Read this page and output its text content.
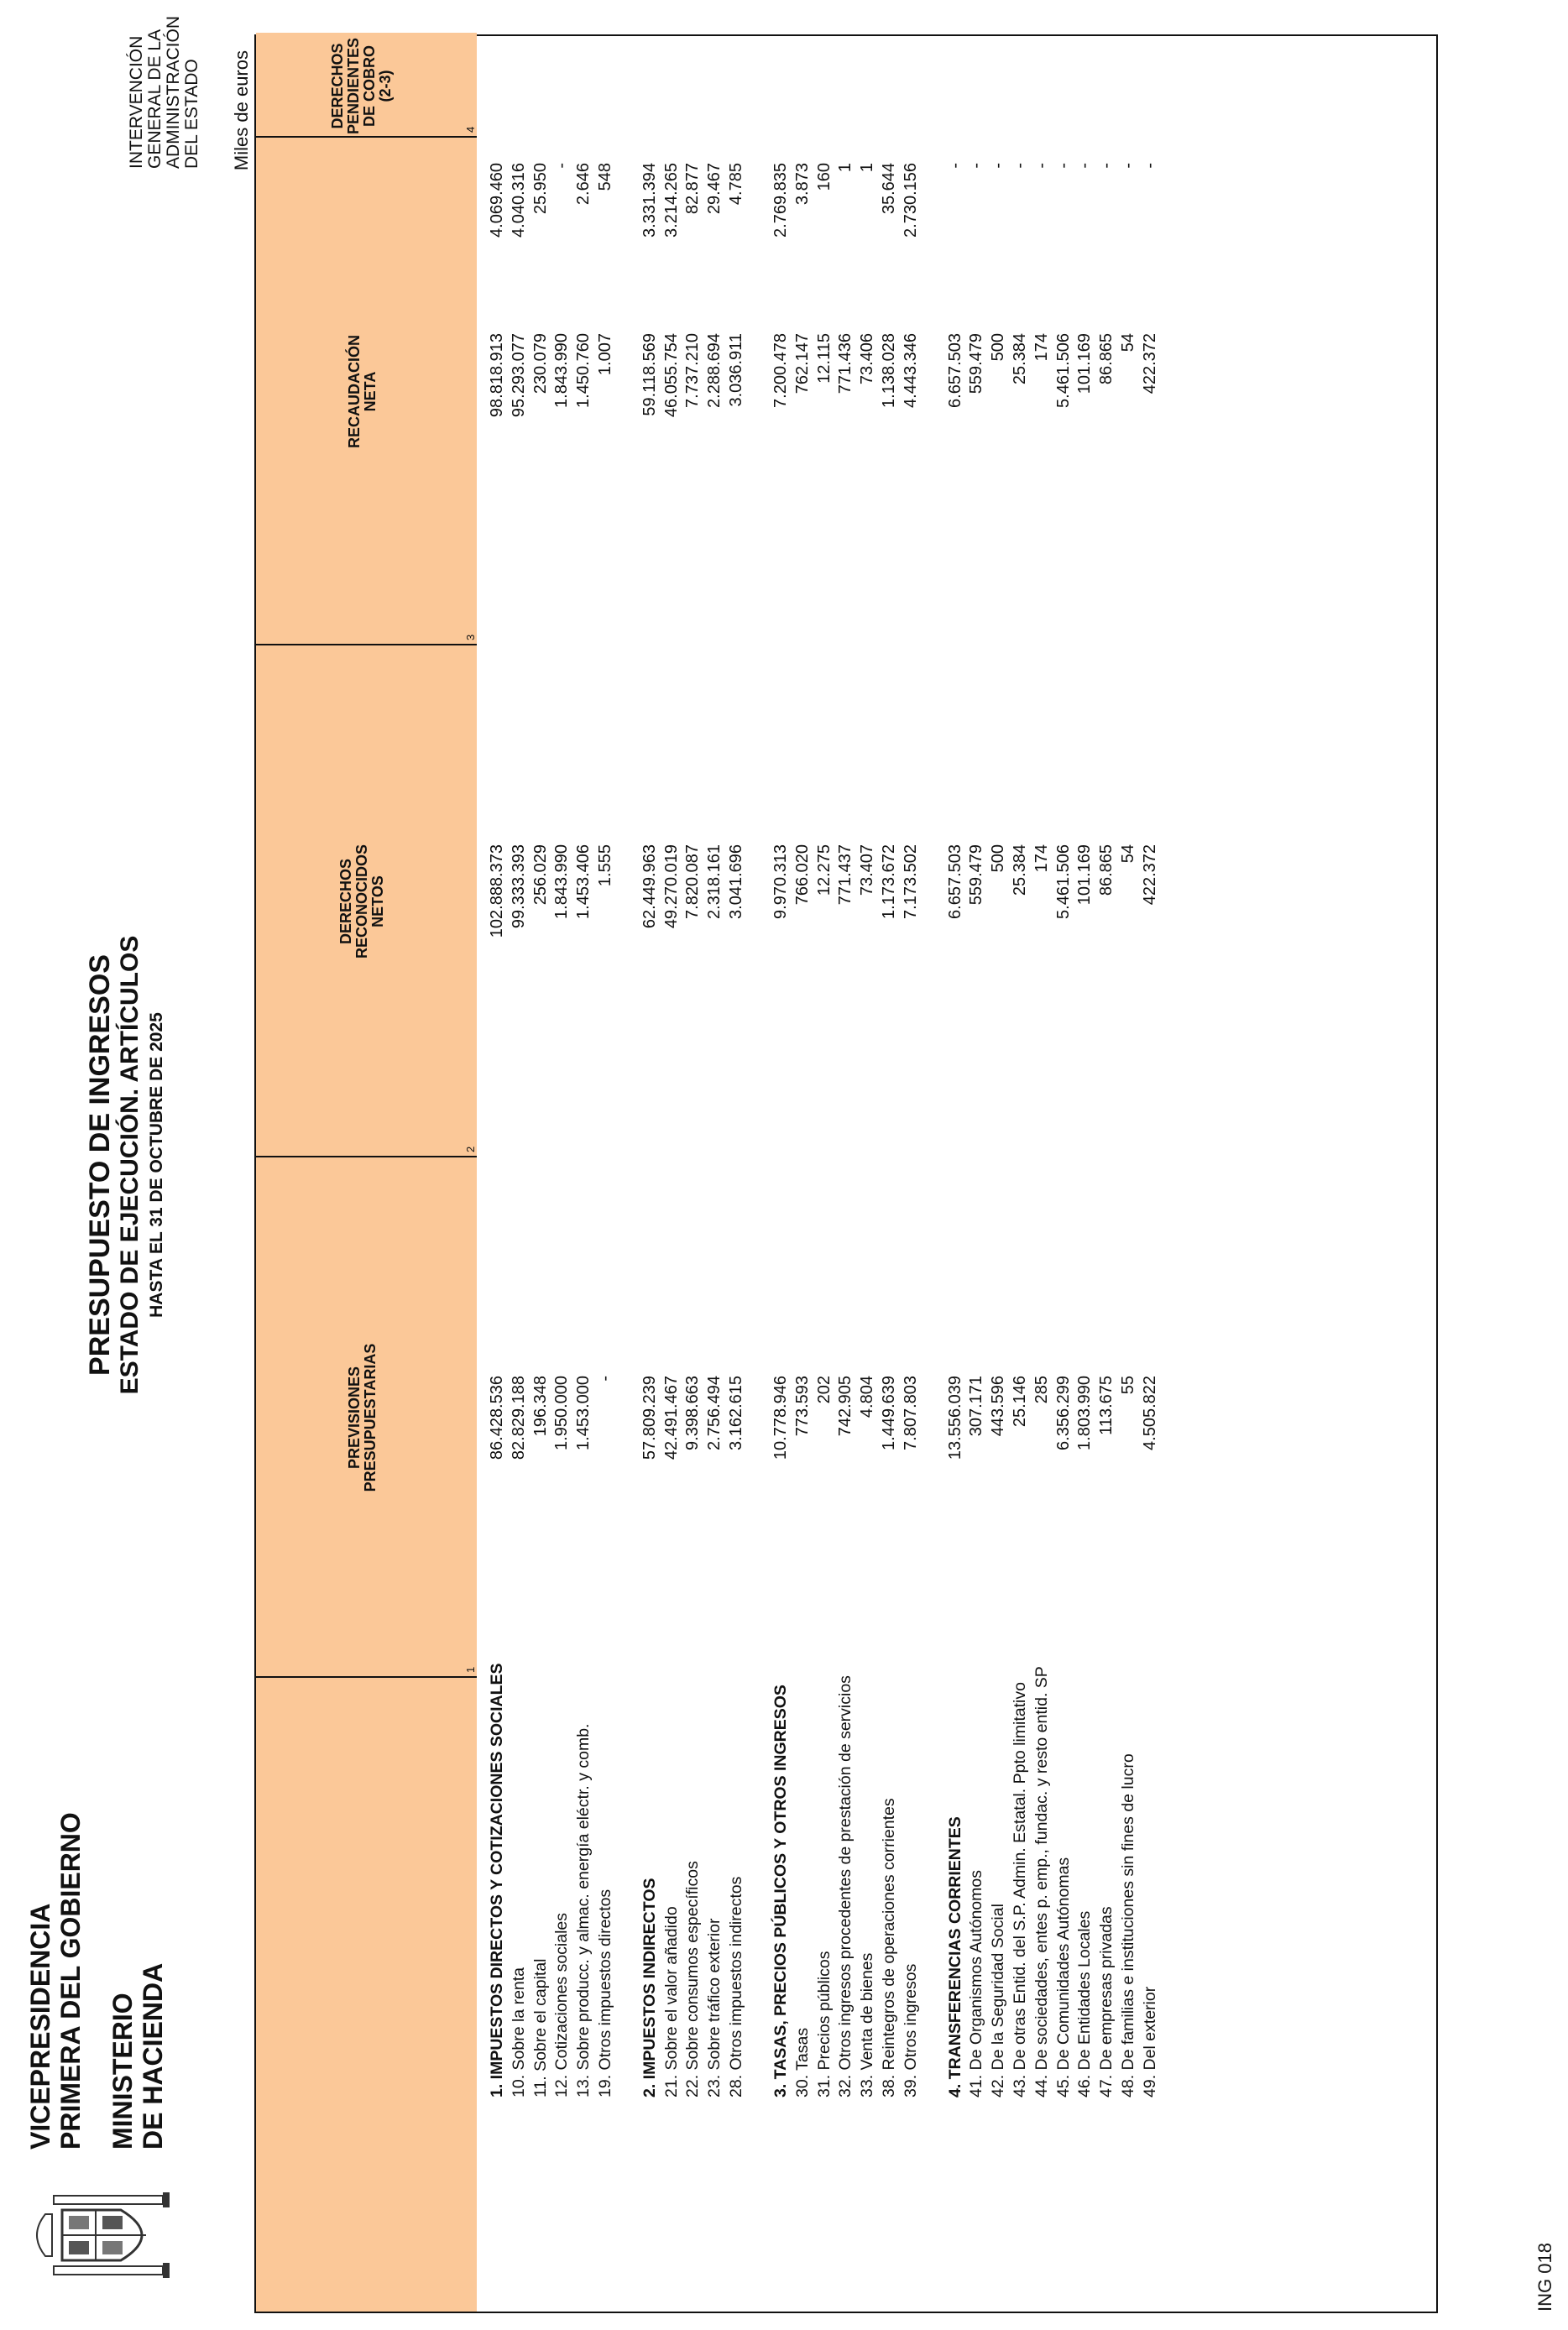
VICEPRESIDENCIA PRIMERA DEL GOBIERNO MINISTERIO DE HACIENDA
PRESUPUESTO DE INGRESOS ESTADO DE EJECUCIÓN. ARTÍCULOS HASTA EL 31 DE OCTUBRE DE 2025
INTERVENCIÓN GENERAL DE LA ADMINISTRACIÓN DEL ESTADO Miles de euros
ING 018
PREVISIONES PRESUPUESTARIAS
1
DERECHOS RECONOCIDOS NETOS
2
RECAUDACIÓN NETA
3
DERECHOS PENDIENTES DE COBRO (2-3)
4
1. IMPUESTOS DIRECTOS Y COTIZACIONES SOCIALES
86.428.536
102.888.373
98.818.913
4.069.460
10. Sobre la renta
82.829.188
99.333.393
95.293.077
4.040.316
11. Sobre el capital
196.348
256.029
230.079
25.950
12. Cotizaciones sociales
1.950.000
1.843.990
1.843.990
-
13. Sobre producc. y almac. energía eléctr. y comb.
1.453.000
1.453.406
1.450.760
2.646
19. Otros impuestos directos
-
1.555
1.007
548
2. IMPUESTOS INDIRECTOS
57.809.239
62.449.963
59.118.569
3.331.394
21. Sobre el valor añadido
42.491.467
49.270.019
46.055.754
3.214.265
22. Sobre consumos específicos
9.398.663
7.820.087
7.737.210
82.877
23. Sobre tráfico exterior
2.756.494
2.318.161
2.288.694
29.467
28. Otros impuestos indirectos
3.162.615
3.041.696
3.036.911
4.785
3. TASAS, PRECIOS PÚBLICOS Y OTROS INGRESOS
10.778.946
9.970.313
7.200.478
2.769.835
30. Tasas
773.593
766.020
762.147
3.873
31. Precios públicos
202
12.275
12.115
160
32. Otros ingresos procedentes de prestación de servicios
742.905
771.437
771.436
1
33. Venta de bienes
4.804
73.407
73.406
1
38. Reintegros de operaciones corrientes
1.449.639
1.173.672
1.138.028
35.644
39. Otros ingresos
7.807.803
7.173.502
4.443.346
2.730.156
4. TRANSFERENCIAS CORRIENTES
13.556.039
6.657.503
6.657.503
-
41. De Organismos Autónomos
307.171
559.479
559.479
-
42. De la Seguridad Social
443.596
500
500
-
43. De otras Entid. del S.P. Admin. Estatal. Ppto limitativo
25.146
25.384
25.384
-
44. De sociedades, entes p. emp., fundac. y resto entid. SP
285
174
174
-
45. De Comunidades Autónomas
6.356.299
5.461.506
5.461.506
-
46. De Entidades Locales
1.803.990
101.169
101.169
-
47. De empresas privadas
113.675
86.865
86.865
-
48. De familias e instituciones sin fines de lucro
55
54
54
-
49. Del exterior
4.505.822
422.372
422.372
-
